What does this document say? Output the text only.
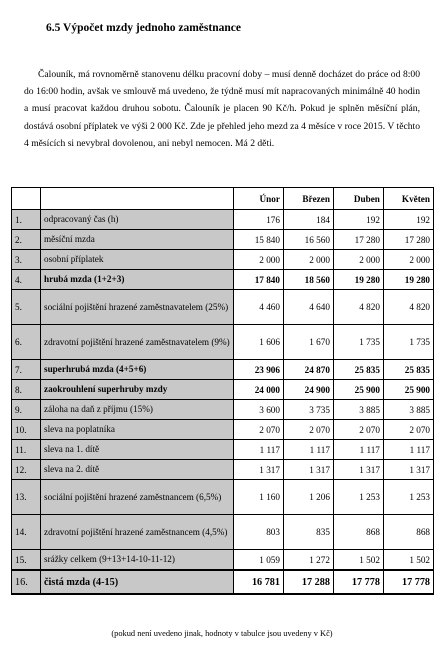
6.5 Výpočet mzdy jednoho zaměstnance

Čalouník, má rovnoměrně stanovenu délku pracovní doby – musí denně docházet do práce od 8:00 do 16:00 hodin, avšak ve smlouvě má uvedeno, že týdně musí mít napracovaných minimálně 40 hodin a musí pracovat každou druhou sobotu. Čalouník je placen 90 Kč/h. Pokud je splněn měsíční plán, dostává osobní příplatek ve výši 2 000 Kč. Zde je přehled jeho mezd za 4 měsíce v roce 2015. V těchto 4 měsících si nevybral dovolenou, ani nebyl nemocen. Má 2 děti.

		Únor	Březen	Duben	Květen
1.	odpracovaný čas (h)	176	184	192	192
2.	měsíční mzda	15 840	16 560	17 280	17 280
3.	osobní příplatek	2 000	2 000	2 000	2 000
4.	hrubá mzda (1+2+3)	17 840	18 560	19 280	19 280
5.	sociální pojištění hrazené zaměstnavatelem (25%)	4 460	4 640	4 820	4 820
6.	zdravotní pojištění hrazené zaměstnavatelem (9%)	1 606	1 670	1 735	1 735
7.	superhrubá mzda (4+5+6)	23 906	24 870	25 835	25 835
8.	zaokrouhlení superhruby mzdy	24 000	24 900	25 900	25 900
9.	záloha na daň z příjmu (15%)	3 600	3 735	3 885	3 885
10.	sleva na poplatníka	2 070	2 070	2 070	2 070
11.	sleva na 1. dítě	1 117	1 117	1 117	1 117
12.	sleva na 2. dítě	1 317	1 317	1 317	1 317
13.	sociální pojištění hrazené zaměstnancem (6,5%)	1 160	1 206	1 253	1 253
14.	zdravotní pojištění hrazené zaměstnancem (4,5%)	803	835	868	868
15.	srážky celkem (9+13+14-10-11-12)	1 059	1 272	1 502	1 502
16.	čistá mzda (4-15)	16 781	17 288	17 778	17 778

(pokud není uvedeno jinak, hodnoty v tabulce jsou uvedeny v Kč)
